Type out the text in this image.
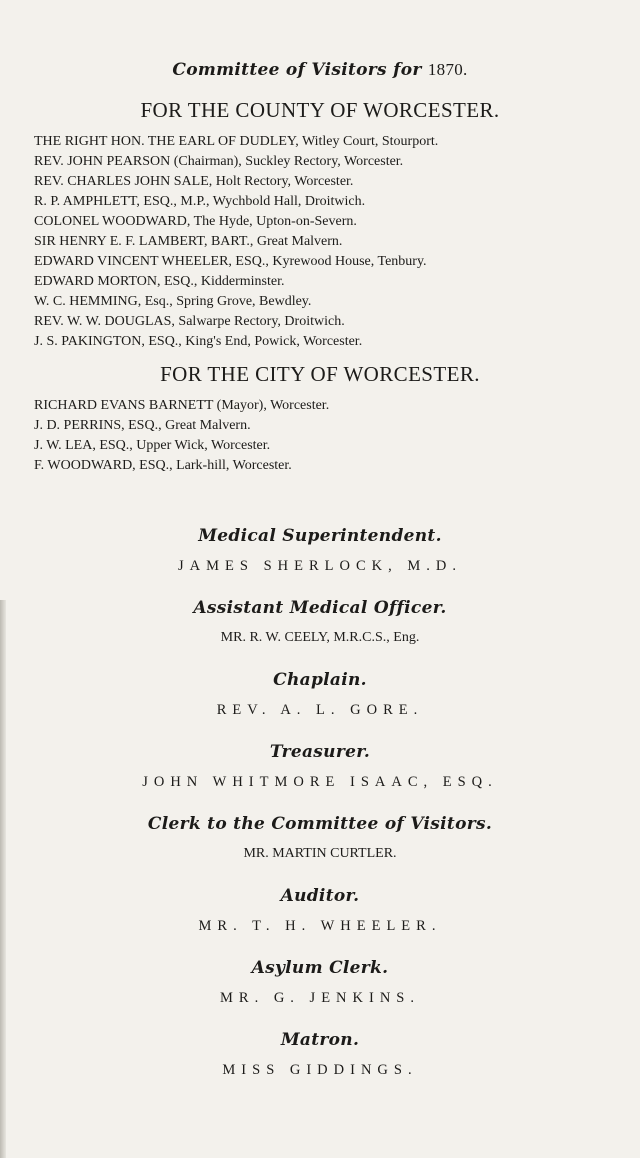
Committee of Visitors for 1870.
FOR THE COUNTY OF WORCESTER.
THE RIGHT HON. THE EARL OF DUDLEY, Witley Court, Stourport.
REV. JOHN PEARSON (Chairman), Suckley Rectory, Worcester.
REV. CHARLES JOHN SALE, Holt Rectory, Worcester.
R. P. AMPHLETT, ESQ., M.P., Wychbold Hall, Droitwich.
COLONEL WOODWARD, The Hyde, Upton-on-Severn.
SIR HENRY E. F. LAMBERT, BART., Great Malvern.
EDWARD VINCENT WHEELER, ESQ., Kyrewood House, Tenbury.
EDWARD MORTON, ESQ., Kidderminster.
W. C. HEMMING, Esq., Spring Grove, Bewdley.
REV. W. W. DOUGLAS, Salwarpe Rectory, Droitwich.
J. S. PAKINGTON, ESQ., King's End, Powick, Worcester.
FOR THE CITY OF WORCESTER.
RICHARD EVANS BARNETT (Mayor), Worcester.
J. D. PERRINS, ESQ., Great Malvern.
J. W. LEA, ESQ., Upper Wick, Worcester.
F. WOODWARD, ESQ., Lark-hill, Worcester.
Medical Superintendent.
JAMES SHERLOCK, M.D.
Assistant Medical Officer.
MR. R. W. CEELY, M.R.C.S., Eng.
Chaplain.
REV. A. L. GORE.
Treasurer.
JOHN WHITMORE ISAAC, ESQ.
Clerk to the Committee of Visitors.
MR. MARTIN CURTLER.
Auditor.
MR. T. H. WHEELER.
Asylum Clerk.
MR. G. JENKINS.
Matron.
MISS GIDDINGS.
